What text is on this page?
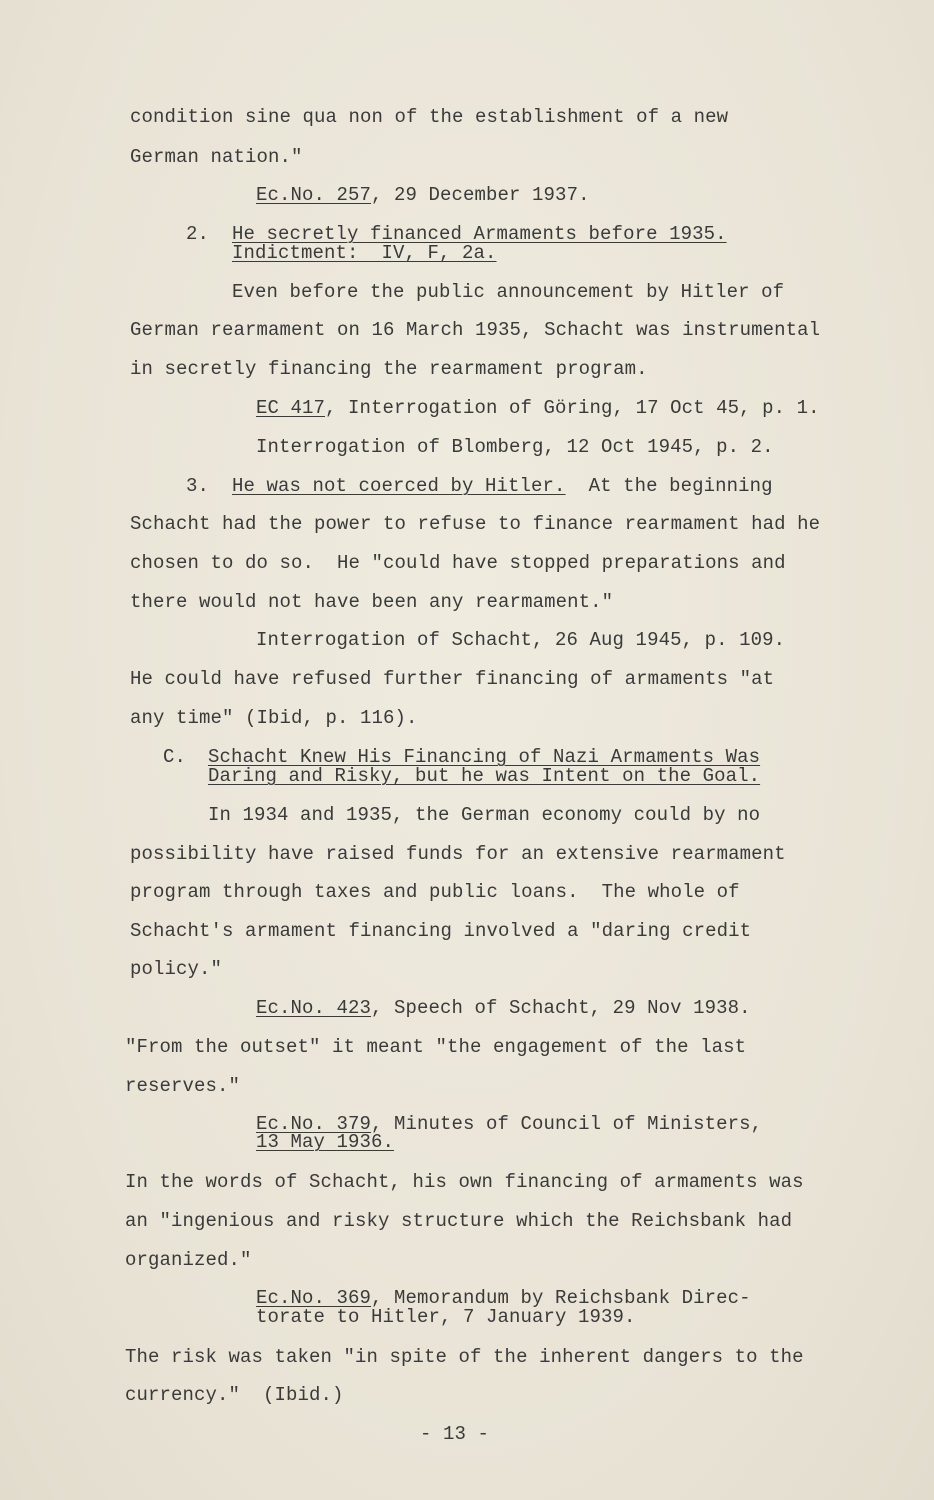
condition sine qua non of the establishment of a new
German nation."
Ec.No. 257, 29 December 1937.
2. He secretly financed Armaments before 1935.
Indictment:  IV, F, 2a.
Even before the public announcement by Hitler of
German rearmament on 16 March 1935, Schacht was instrumental
in secretly financing the rearmament program.
EC 417, Interrogation of Göring, 17 Oct 45, p. 1.
Interrogation of Blomberg, 12 Oct 1945, p. 2.
3. He was not coerced by Hitler.  At the beginning
Schacht had the power to refuse to finance rearmament had he
chosen to do so.  He "could have stopped preparations and
there would not have been any rearmament."
Interrogation of Schacht, 26 Aug 1945, p. 109.
He could have refused further financing of armaments "at
any time" (Ibid, p. 116).
C. Schacht Knew His Financing of Nazi Armaments Was
Daring and Risky, but he was Intent on the Goal.
In 1934 and 1935, the German economy could by no
possibility have raised funds for an extensive rearmament
program through taxes and public loans.  The whole of
Schacht's armament financing involved a "daring credit
policy."
Ec.No. 423, Speech of Schacht, 29 Nov 1938.
"From the outset" it meant "the engagement of the last
reserves."
Ec.No. 379, Minutes of Council of Ministers,
13 May 1936.
In the words of Schacht, his own financing of armaments was
an "ingenious and risky structure which the Reichsbank had
organized."
Ec.No. 369, Memorandum by Reichsbank Direc-
torate to Hitler, 7 January 1939.
The risk was taken "in spite of the inherent dangers to the
currency."  (Ibid.)
- 13 -
